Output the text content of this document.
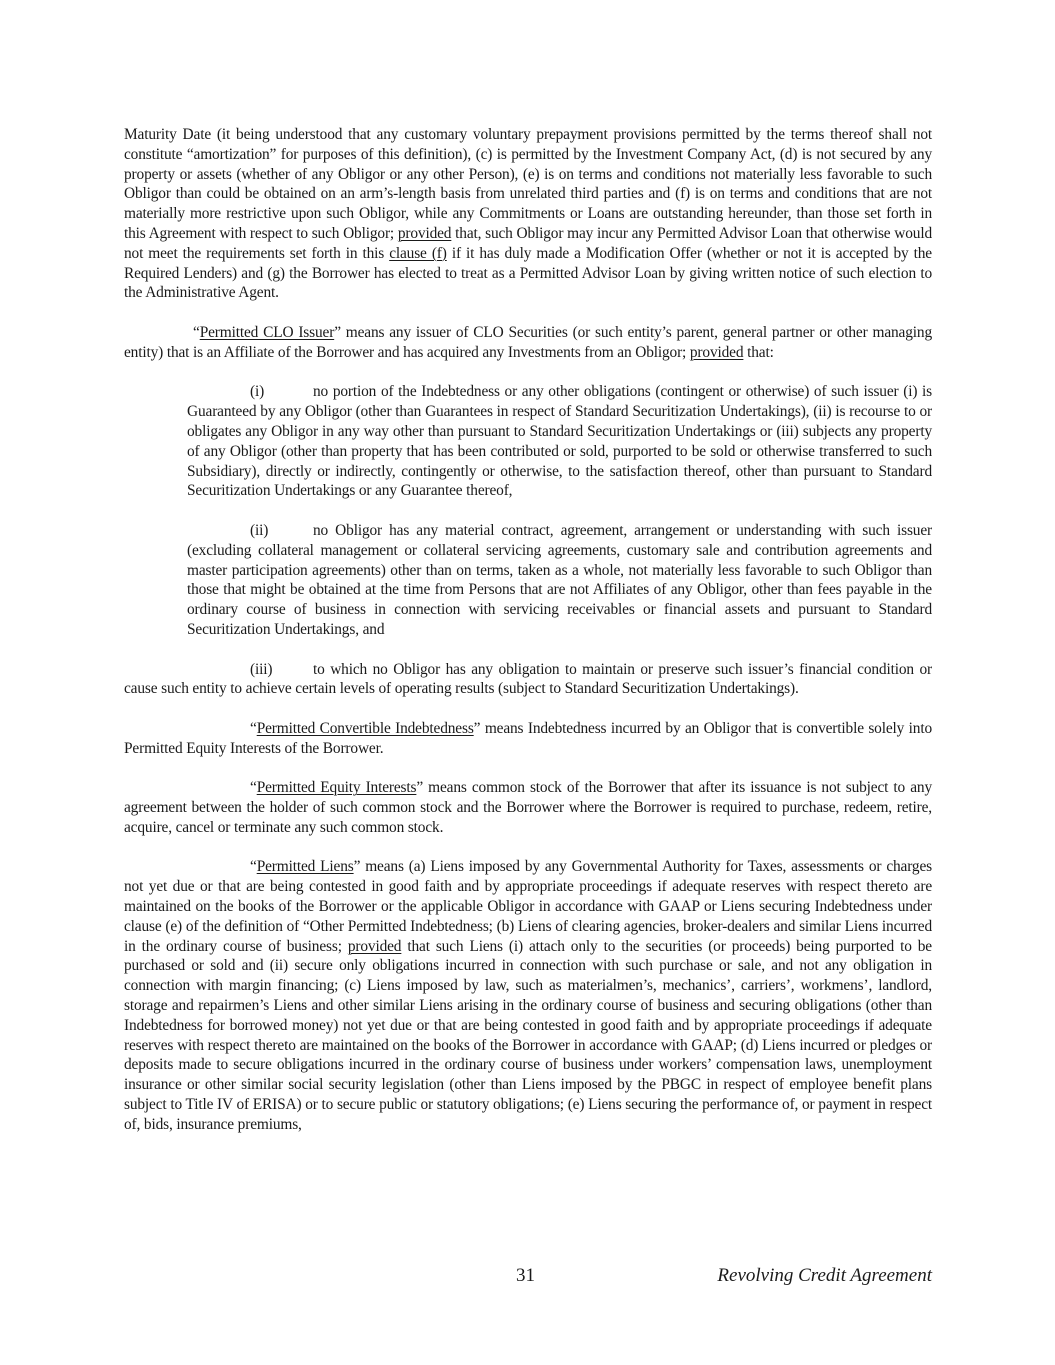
Maturity Date (it being understood that any customary voluntary prepayment provisions permitted by the terms thereof shall not constitute “amortization” for purposes of this definition), (c) is permitted by the Investment Company Act, (d) is not secured by any property or assets (whether of any Obligor or any other Person), (e) is on terms and conditions not materially less favorable to such Obligor than could be obtained on an arm’s-length basis from unrelated third parties and (f) is on terms and conditions that are not materially more restrictive upon such Obligor, while any Commitments or Loans are outstanding hereunder, than those set forth in this Agreement with respect to such Obligor; provided that, such Obligor may incur any Permitted Advisor Loan that otherwise would not meet the requirements set forth in this clause (f) if it has duly made a Modification Offer (whether or not it is accepted by the Required Lenders) and (g) the Borrower has elected to treat as a Permitted Advisor Loan by giving written notice of such election to the Administrative Agent.

“Permitted CLO Issuer” means any issuer of CLO Securities (or such entity’s parent, general partner or other managing entity) that is an Affiliate of the Borrower and has acquired any Investments from an Obligor; provided that:

(i)	no portion of the Indebtedness or any other obligations (contingent or otherwise) of such issuer (i) is Guaranteed by any Obligor (other than Guarantees in respect of Standard Securitization Undertakings), (ii) is recourse to or obligates any Obligor in any way other than pursuant to Standard Securitization Undertakings or (iii) subjects any property of any Obligor (other than property that has been contributed or sold, purported to be sold or otherwise transferred to such Subsidiary), directly or indirectly, contingently or otherwise, to the satisfaction thereof, other than pursuant to Standard Securitization Undertakings or any Guarantee thereof,

(ii)	no Obligor has any material contract, agreement, arrangement or understanding with such issuer (excluding collateral management or collateral servicing agreements, customary sale and contribution agreements and master participation agreements) other than on terms, taken as a whole, not materially less favorable to such Obligor than those that might be obtained at the time from Persons that are not Affiliates of any Obligor, other than fees payable in the ordinary course of business in connection with servicing receivables or financial assets and pursuant to Standard Securitization Undertakings, and

(iii)	to which no Obligor has any obligation to maintain or preserve such issuer’s financial condition or cause such entity to achieve certain levels of operating results (subject to Standard Securitization Undertakings).

“Permitted Convertible Indebtedness” means Indebtedness incurred by an Obligor that is convertible solely into Permitted Equity Interests of the Borrower.

“Permitted Equity Interests” means common stock of the Borrower that after its issuance is not subject to any agreement between the holder of such common stock and the Borrower where the Borrower is required to purchase, redeem, retire, acquire, cancel or terminate any such common stock.

“Permitted Liens” means (a) Liens imposed by any Governmental Authority for Taxes, assessments or charges not yet due or that are being contested in good faith and by appropriate proceedings if adequate reserves with respect thereto are maintained on the books of the Borrower or the applicable Obligor in accordance with GAAP or Liens securing Indebtedness under clause (e) of the definition of “Other Permitted Indebtedness; (b) Liens of clearing agencies, broker-dealers and similar Liens incurred in the ordinary course of business; provided that such Liens (i) attach only to the securities (or proceeds) being purported to be purchased or sold and (ii) secure only obligations incurred in connection with such purchase or sale, and not any obligation in connection with margin financing; (c) Liens imposed by law, such as materialmen’s, mechanics’, carriers’, workmens’, landlord, storage and repairmen’s Liens and other similar Liens arising in the ordinary course of business and securing obligations (other than Indebtedness for borrowed money) not yet due or that are being contested in good faith and by appropriate proceedings if adequate reserves with respect thereto are maintained on the books of the Borrower in accordance with GAAP; (d) Liens incurred or pledges or deposits made to secure obligations incurred in the ordinary course of business under workers’ compensation laws, unemployment insurance or other similar social security legislation (other than Liens imposed by the PBGC in respect of employee benefit plans subject to Title IV of ERISA) or to secure public or statutory obligations; (e) Liens securing the performance of, or payment in respect of, bids, insurance premiums,

31	Revolving Credit Agreement
